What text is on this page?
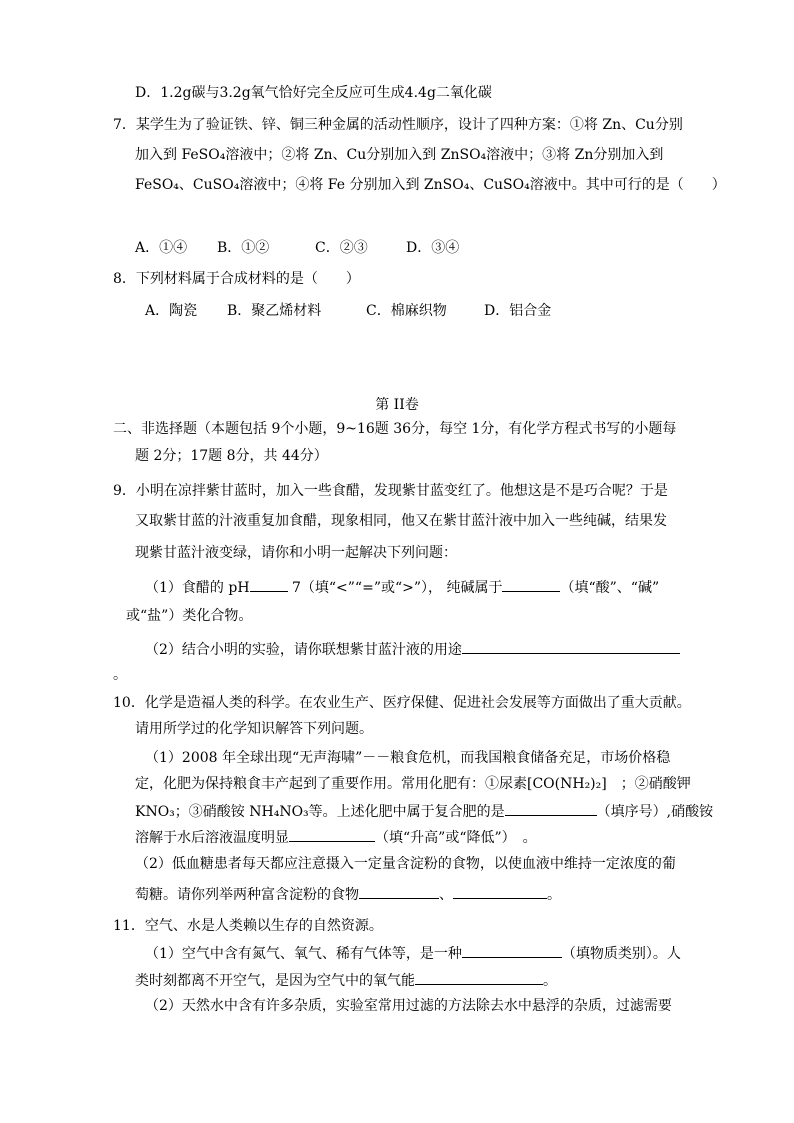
D．1.2g碳与3.2g氧气恰好完全反应可生成4.4g二氧化碳
7．某学生为了验证铁、锌、铜三种金属的活动性顺序，设计了四种方案：①将 Zn、Cu分别
加入到 FeSO₄溶液中；②将 Zn、Cu分别加入到 ZnSO₄溶液中；③将 Zn分别加入到
FeSO₄、CuSO₄溶液中；④将 Fe 分别加入到 ZnSO₄、CuSO₄溶液中。其中可行的是（　　）
A．①④ B．①②	C．②③	D．③④
8．下列材料属于合成材料的是（　　）
A．陶瓷 B．聚乙烯材料	C．棉麻织物	D．铝合金
第 II卷
二、非选择题（本题包括 9个小题，9~16题 36分，每空 1分，有化学方程式书写的小题每
题 2分；17题 8分，共 44分）
9．小明在凉拌紫甘蓝时，加入一些食醋，发现紫甘蓝变红了。他想这是不是巧合呢？于是
又取紫甘蓝的汁液重复加食醋，现象相同，他又在紫甘蓝汁液中加入一些纯碱，结果发
现紫甘蓝汁液变绿，请你和小明一起解决下列问题：
（1）食醋的 pH	7（填“<”“=”或“>”）， 纯碱属于	（填“酸”、“碱”
或“盐”）类化合物。
（2）结合小明的实验，请你联想紫甘蓝汁液的用途
。
10．化学是造福人类的科学。在农业生产、医疗保健、促进社会发展等方面做出了重大贡献。
请用所学过的化学知识解答下列问题。
（1）2008 年全球出现“无声海啸”－－粮食危机，而我国粮食储备充足，市场价格稳
定，化肥为保持粮食丰产起到了重要作用。常用化肥有：①尿素[CO(NH₂)₂]　；②硝酸钾
KNO₃；③硝酸铵 NH₄NO₃等。上述化肥中属于复合肥的是	（填序号）,硝酸铵
溶解于水后溶液温度明显	（填“升高”或“降低”）　。
（2）低血糖患者每天都应注意摄入一定量含淀粉的食物，以使血液中维持一定浓度的葡
萄糖。请你列举两种富含淀粉的食物	、	。
11．空气、水是人类赖以生存的自然资源。
（1）空气中含有氮气、氧气、稀有气体等，是一种	（填物质类别）。人
类时刻都离不开空气，是因为空气中的氧气能	。
（2）天然水中含有许多杂质，实验室常用过滤的方法除去水中悬浮的杂质，过滤需要
